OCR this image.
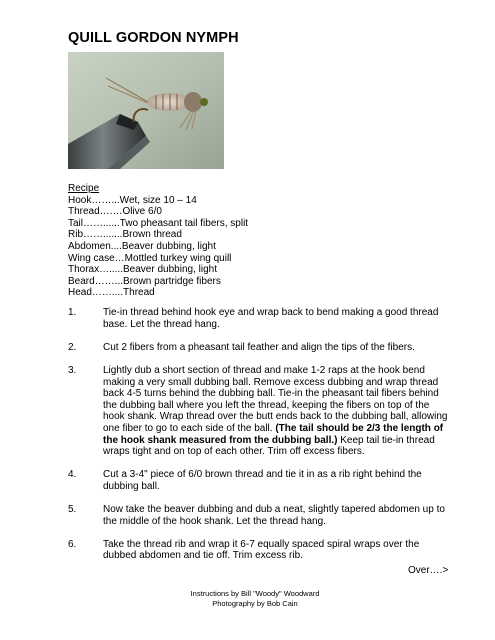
QUILL GORDON NYMPH
Recipe
Hook……...Wet, size 10 – 14
Thread….…Olive 6/0
Tail……......Two pheasant tail fibers, split
Rib…….......Brown thread
Abdomen....Beaver dubbing, light
Wing case…Mottled turkey wing quill
Thorax….....Beaver dubbing, light
Beard……...Brown partridge fibers
Head……....Thread
1.	Tie-in thread behind hook eye and wrap back to bend making a good thread base. Let the thread hang.
2.	Cut 2 fibers from a pheasant tail feather and align the tips of the fibers.
3.	Lightly dub a short section of thread and make 1-2 raps at the hook bend making a very small dubbing ball. Remove excess dubbing and wrap thread back 4-5 turns behind the dubbing ball. Tie-in the pheasant tail fibers behind the dubbing ball where you left the thread, keeping the fibers on top of the hook shank. Wrap thread over the butt ends back to the dubbing ball, allowing one fiber to go to each side of the ball. (The tail should be 2/3 the length of the hook shank measured from the dubbing ball.) Keep tail tie-in thread wraps tight and on top of each other. Trim off excess fibers.
4.	Cut a 3-4" piece of 6/0 brown thread and tie it in as a rib right behind the dubbing ball.
5.	Now take the beaver dubbing and dub a neat, slightly tapered abdomen up to the middle of the hook shank. Let the thread hang.
6.	Take the thread rib and wrap it 6-7 equally spaced spiral wraps over the dubbed abdomen and tie off. Trim excess rib.
Over….>
Instructions by Bill "Woody" Woodward
Photography by Bob Cain
